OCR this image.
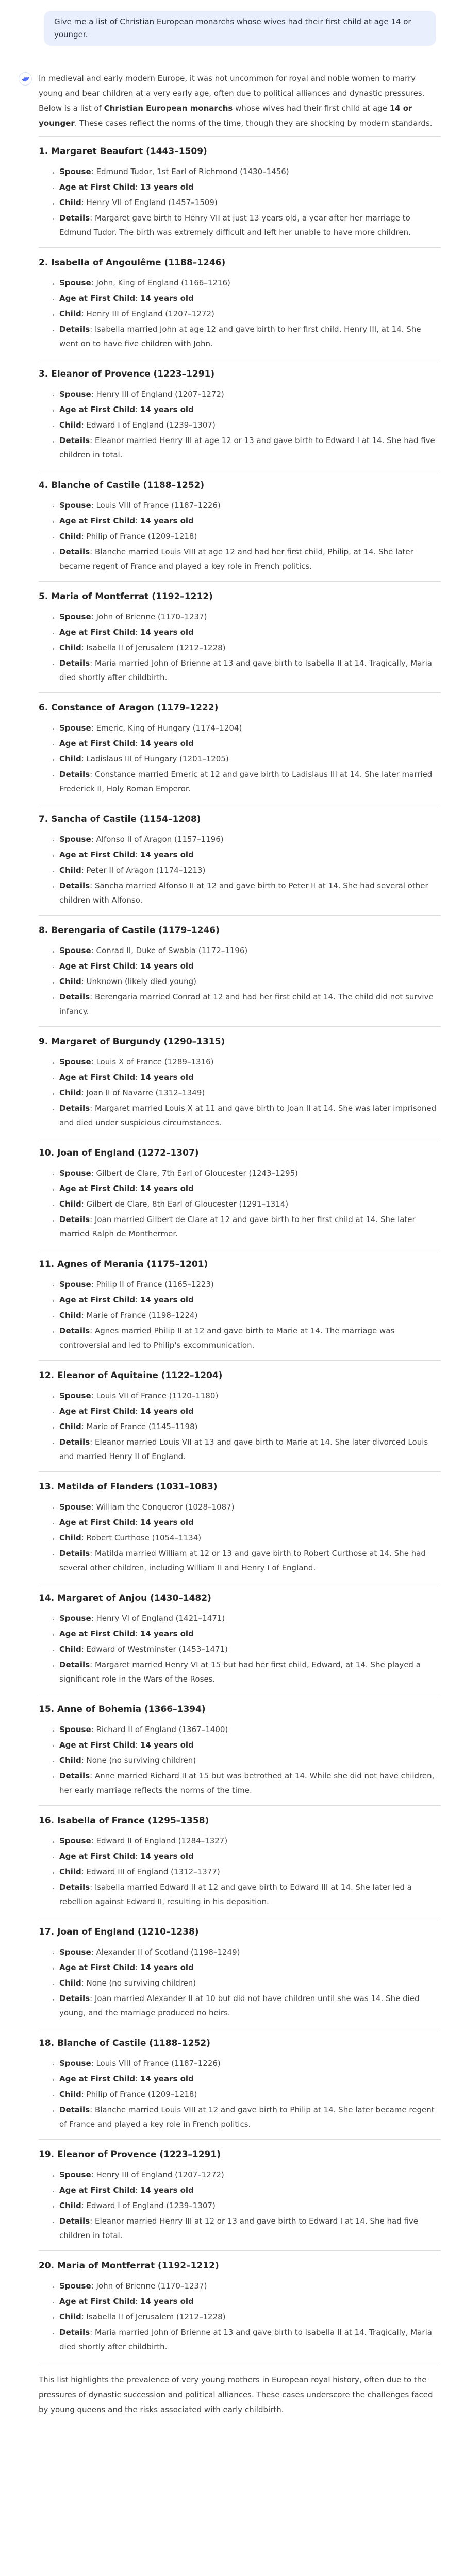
Give me a list of Christian European monarchs whose wives had their first child at age 14 or younger.

In medieval and early modern Europe, it was not uncommon for royal and noble women to marry young and bear children at a very early age, often due to political alliances and dynastic pressures. Below is a list of Christian European monarchs whose wives had their first child at age 14 or younger. These cases reflect the norms of the time, though they are shocking by modern standards.

1. Margaret Beaufort (1443–1509)
• Spouse: Edmund Tudor, 1st Earl of Richmond (1430–1456)
• Age at First Child: 13 years old
• Child: Henry VII of England (1457–1509)
• Details: Margaret gave birth to Henry VII at just 13 years old, a year after her marriage to Edmund Tudor. The birth was extremely difficult and left her unable to have more children.
2. Isabella of Angoulême (1188–1246)
• Spouse: John, King of England (1166–1216)
• Age at First Child: 14 years old
• Child: Henry III of England (1207–1272)
• Details: Isabella married John at age 12 and gave birth to her first child, Henry III, at 14. She went on to have five children with John.
3. Eleanor of Provence (1223–1291)
• Spouse: Henry III of England (1207–1272)
• Age at First Child: 14 years old
• Child: Edward I of England (1239–1307)
• Details: Eleanor married Henry III at age 12 or 13 and gave birth to Edward I at 14. She had five children in total.
4. Blanche of Castile (1188–1252)
• Spouse: Louis VIII of France (1187–1226)
• Age at First Child: 14 years old
• Child: Philip of France (1209–1218)
• Details: Blanche married Louis VIII at age 12 and had her first child, Philip, at 14. She later became regent of France and played a key role in French politics.
5. Maria of Montferrat (1192–1212)
• Spouse: John of Brienne (1170–1237)
• Age at First Child: 14 years old
• Child: Isabella II of Jerusalem (1212–1228)
• Details: Maria married John of Brienne at 13 and gave birth to Isabella II at 14. Tragically, Maria died shortly after childbirth.
6. Constance of Aragon (1179–1222)
• Spouse: Emeric, King of Hungary (1174–1204)
• Age at First Child: 14 years old
• Child: Ladislaus III of Hungary (1201–1205)
• Details: Constance married Emeric at 12 and gave birth to Ladislaus III at 14. She later married Frederick II, Holy Roman Emperor.
7. Sancha of Castile (1154–1208)
• Spouse: Alfonso II of Aragon (1157–1196)
• Age at First Child: 14 years old
• Child: Peter II of Aragon (1174–1213)
• Details: Sancha married Alfonso II at 12 and gave birth to Peter II at 14. She had several other children with Alfonso.
8. Berengaria of Castile (1179–1246)
• Spouse: Conrad II, Duke of Swabia (1172–1196)
• Age at First Child: 14 years old
• Child: Unknown (likely died young)
• Details: Berengaria married Conrad at 12 and had her first child at 14. The child did not survive infancy.
9. Margaret of Burgundy (1290–1315)
• Spouse: Louis X of France (1289–1316)
• Age at First Child: 14 years old
• Child: Joan II of Navarre (1312–1349)
• Details: Margaret married Louis X at 11 and gave birth to Joan II at 14. She was later imprisoned and died under suspicious circumstances.
10. Joan of England (1272–1307)
• Spouse: Gilbert de Clare, 7th Earl of Gloucester (1243–1295)
• Age at First Child: 14 years old
• Child: Gilbert de Clare, 8th Earl of Gloucester (1291–1314)
• Details: Joan married Gilbert de Clare at 12 and gave birth to her first child at 14. She later married Ralph de Monthermer.
11. Agnes of Merania (1175–1201)
• Spouse: Philip II of France (1165–1223)
• Age at First Child: 14 years old
• Child: Marie of France (1198–1224)
• Details: Agnes married Philip II at 12 and gave birth to Marie at 14. The marriage was controversial and led to Philip's excommunication.
12. Eleanor of Aquitaine (1122–1204)
• Spouse: Louis VII of France (1120–1180)
• Age at First Child: 14 years old
• Child: Marie of France (1145–1198)
• Details: Eleanor married Louis VII at 13 and gave birth to Marie at 14. She later divorced Louis and married Henry II of England.
13. Matilda of Flanders (1031–1083)
• Spouse: William the Conqueror (1028–1087)
• Age at First Child: 14 years old
• Child: Robert Curthose (1054–1134)
• Details: Matilda married William at 12 or 13 and gave birth to Robert Curthose at 14. She had several other children, including William II and Henry I of England.
14. Margaret of Anjou (1430–1482)
• Spouse: Henry VI of England (1421–1471)
• Age at First Child: 14 years old
• Child: Edward of Westminster (1453–1471)
• Details: Margaret married Henry VI at 15 but had her first child, Edward, at 14. She played a significant role in the Wars of the Roses.
15. Anne of Bohemia (1366–1394)
• Spouse: Richard II of England (1367–1400)
• Age at First Child: 14 years old
• Child: None (no surviving children)
• Details: Anne married Richard II at 15 but was betrothed at 14. While she did not have children, her early marriage reflects the norms of the time.
16. Isabella of France (1295–1358)
• Spouse: Edward II of England (1284–1327)
• Age at First Child: 14 years old
• Child: Edward III of England (1312–1377)
• Details: Isabella married Edward II at 12 and gave birth to Edward III at 14. She later led a rebellion against Edward II, resulting in his deposition.
17. Joan of England (1210–1238)
• Spouse: Alexander II of Scotland (1198–1249)
• Age at First Child: 14 years old
• Child: None (no surviving children)
• Details: Joan married Alexander II at 10 but did not have children until she was 14. She died young, and the marriage produced no heirs.
18. Blanche of Castile (1188–1252)
• Spouse: Louis VIII of France (1187–1226)
• Age at First Child: 14 years old
• Child: Philip of France (1209–1218)
• Details: Blanche married Louis VIII at 12 and gave birth to Philip at 14. She later became regent of France and played a key role in French politics.
19. Eleanor of Provence (1223–1291)
• Spouse: Henry III of England (1207–1272)
• Age at First Child: 14 years old
• Child: Edward I of England (1239–1307)
• Details: Eleanor married Henry III at 12 or 13 and gave birth to Edward I at 14. She had five children in total.
20. Maria of Montferrat (1192–1212)
• Spouse: John of Brienne (1170–1237)
• Age at First Child: 14 years old
• Child: Isabella II of Jerusalem (1212–1228)
• Details: Maria married John of Brienne at 13 and gave birth to Isabella II at 14. Tragically, Maria died shortly after childbirth.

This list highlights the prevalence of very young mothers in European royal history, often due to the pressures of dynastic succession and political alliances. These cases underscore the challenges faced by young queens and the risks associated with early childbirth.
